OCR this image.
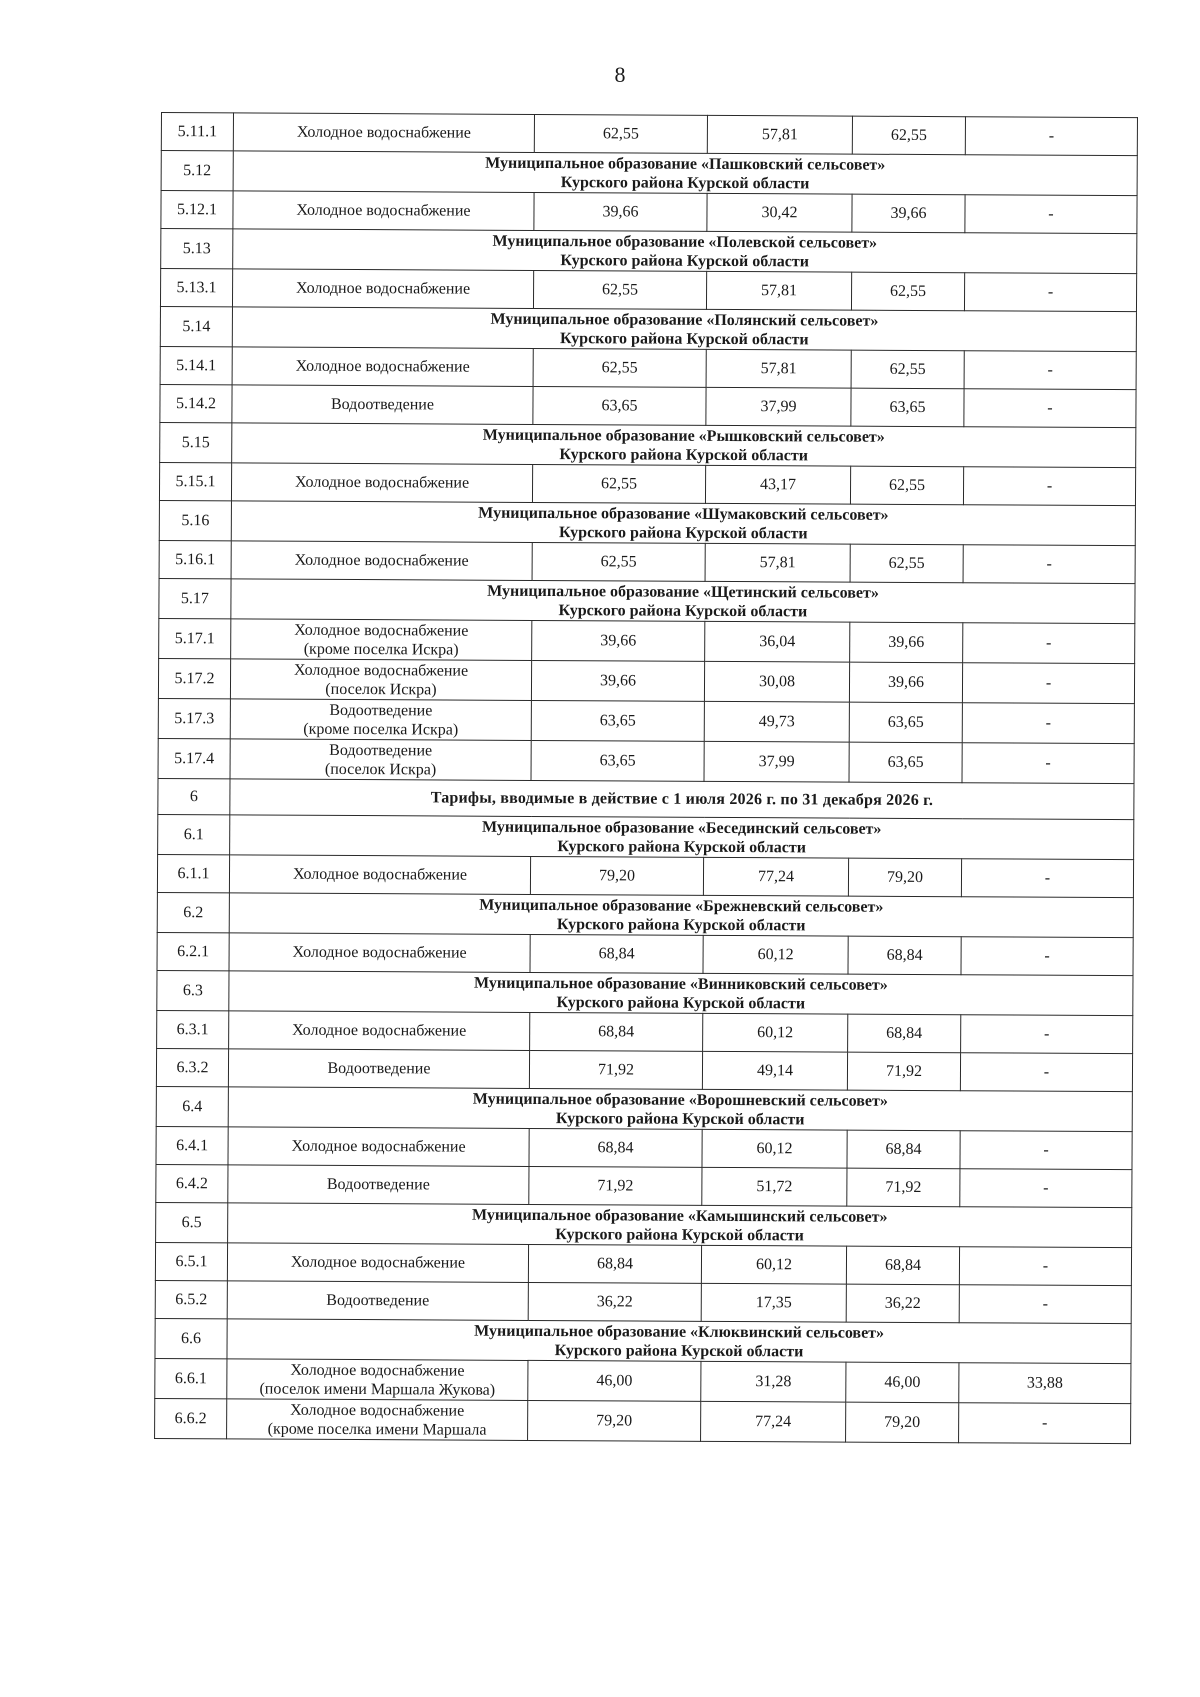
8
5.11.1	Холодное водоснабжение	62,55	57,81	62,55	-
5.12	Муниципальное образование «Пашковский сельсовет»
Курского района Курской области				

5.12.1	Холодное водоснабжение	39,66	30,42	39,66	-
5.13	Муниципальное образование «Полевской сельсовет»
Курского района Курской области				

5.13.1	Холодное водоснабжение	62,55	57,81	62,55	-
5.14	Муниципальное образование «Полянский сельсовет»
Курского района Курской области				

5.14.1	Холодное водоснабжение	62,55	57,81	62,55	-
5.14.2	Водоотведение	63,65	37,99	63,65	-
5.15	Муниципальное образование «Рышковский сельсовет»
Курского района Курской области				

5.15.1	Холодное водоснабжение	62,55	43,17	62,55	-
5.16	Муниципальное образование «Шумаковский сельсовет»
Курского района Курской области				

5.16.1	Холодное водоснабжение	62,55	57,81	62,55	-
5.17	Муниципальное образование «Щетинский сельсовет»
Курского района Курской области				

5.17.1	Холодное водоснабжение
(кроме поселка Искра)	39,66	36,04	39,66	-
5.17.2	Холодное водоснабжение
(поселок Искра)	39,66	30,08	39,66	-
5.17.3	Водоотведение
(кроме поселка Искра)	63,65	49,73	63,65	-
5.17.4	Водоотведение
(поселок Искра)	63,65	37,99	63,65	-
6	Тарифы, вводимые в действие с 1 июля 2026 г. по 31 декабря 2026 г.				

6.1	Муниципальное образование «Бесединский сельсовет»
Курского района Курской области				

6.1.1	Холодное водоснабжение	79,20	77,24	79,20	-
6.2	Муниципальное образование «Брежневский сельсовет»
Курского района Курской области				

6.2.1	Холодное водоснабжение	68,84	60,12	68,84	-
6.3	Муниципальное образование «Винниковский сельсовет»
Курского района Курской области				

6.3.1	Холодное водоснабжение	68,84	60,12	68,84	-
6.3.2	Водоотведение	71,92	49,14	71,92	-
6.4	Муниципальное образование «Ворошневский сельсовет»
Курского района Курской области				

6.4.1	Холодное водоснабжение	68,84	60,12	68,84	-
6.4.2	Водоотведение	71,92	51,72	71,92	-
6.5	Муниципальное образование «Камышинский сельсовет»
Курского района Курской области				

6.5.1	Холодное водоснабжение	68,84	60,12	68,84	-
6.5.2	Водоотведение	36,22	17,35	36,22	-
6.6	Муниципальное образование «Клюквинский сельсовет»
Курского района Курской области				

6.6.1	Холодное водоснабжение
(поселок имени Маршала Жукова)	46,00	31,28	46,00	33,88
6.6.2	Холодное водоснабжение
(кроме поселка имени Маршала	79,20	77,24	79,20	-
